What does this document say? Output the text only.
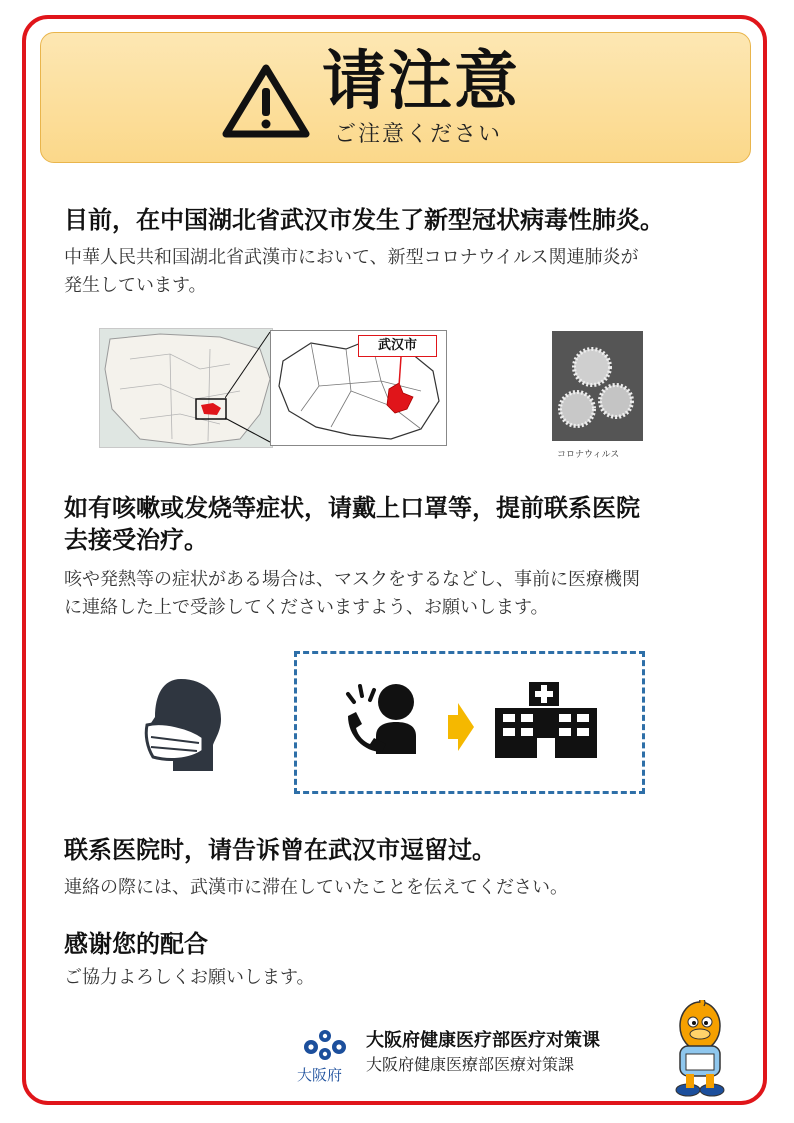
请注意
ご注意ください
目前，在中国湖北省武汉市发生了新型冠状病毒性肺炎。
中華人民共和国湖北省武漢市において、新型コロナウイルス関連肺炎が
発生しています。
武汉市
コロナウィルス
如有咳嗽或发烧等症状，请戴上口罩等，提前联系医院
去接受治疗。
咳や発熱等の症状がある場合は、マスクをするなどし、事前に医療機関
に連絡した上で受診してくださいますよう、お願いします。
联系医院时，请告诉曾在武汉市逗留过。
連絡の際には、武漢市に滞在していたことを伝えてください。
感谢您的配合
ご協力よろしくお願いします。
大阪府
大阪府健康医疗部医疗对策课
大阪府健康医療部医療対策課
